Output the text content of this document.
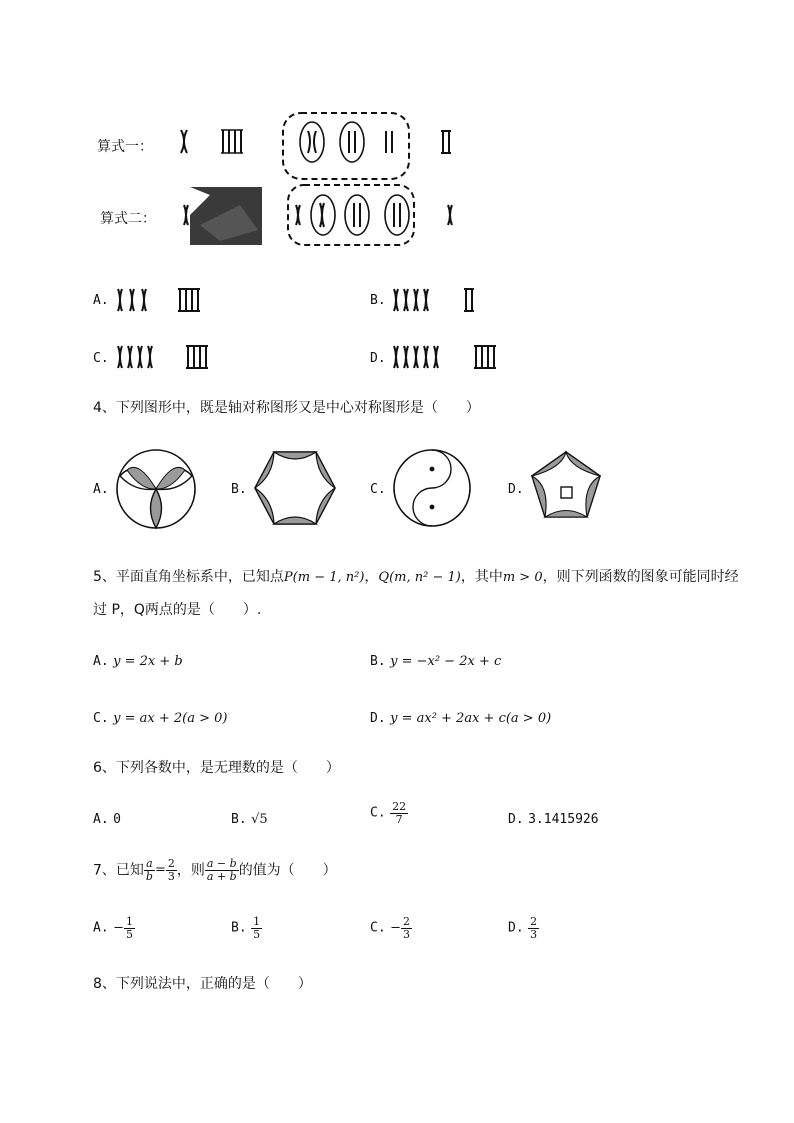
算式一：
算式二：
A.	B.
C.	D.
4、下列图形中，既是轴对称图形又是中心对称图形是（　　）
A.	B.	C.	D.
5、平面直角坐标系中，已知点P(m − 1, n²)，Q(m, n² − 1)，其中m > 0，则下列函数的图象可能同时经
过 P，Q两点的是（　　）.
A. y = 2x + b	B. y = −x² − 2x + c
C. y = ax + 2(a > 0)	D. y = ax² + 2ax + c(a > 0)
6、下列各数中，是无理数的是（　　）
A. 0	B. √5	C. $\frac{22}{7}$	D. 3.1415926
7、已知 $\frac{a}{b} = \frac{2}{3}$ ，则 $\frac{a - b}{a + b}$ 的值为（　　）
A. − $\frac{1}{5}$	B. $\frac{1}{5}$	C. − $\frac{2}{3}$	D. $\frac{2}{3}$
8、下列说法中，正确的是（　　）
